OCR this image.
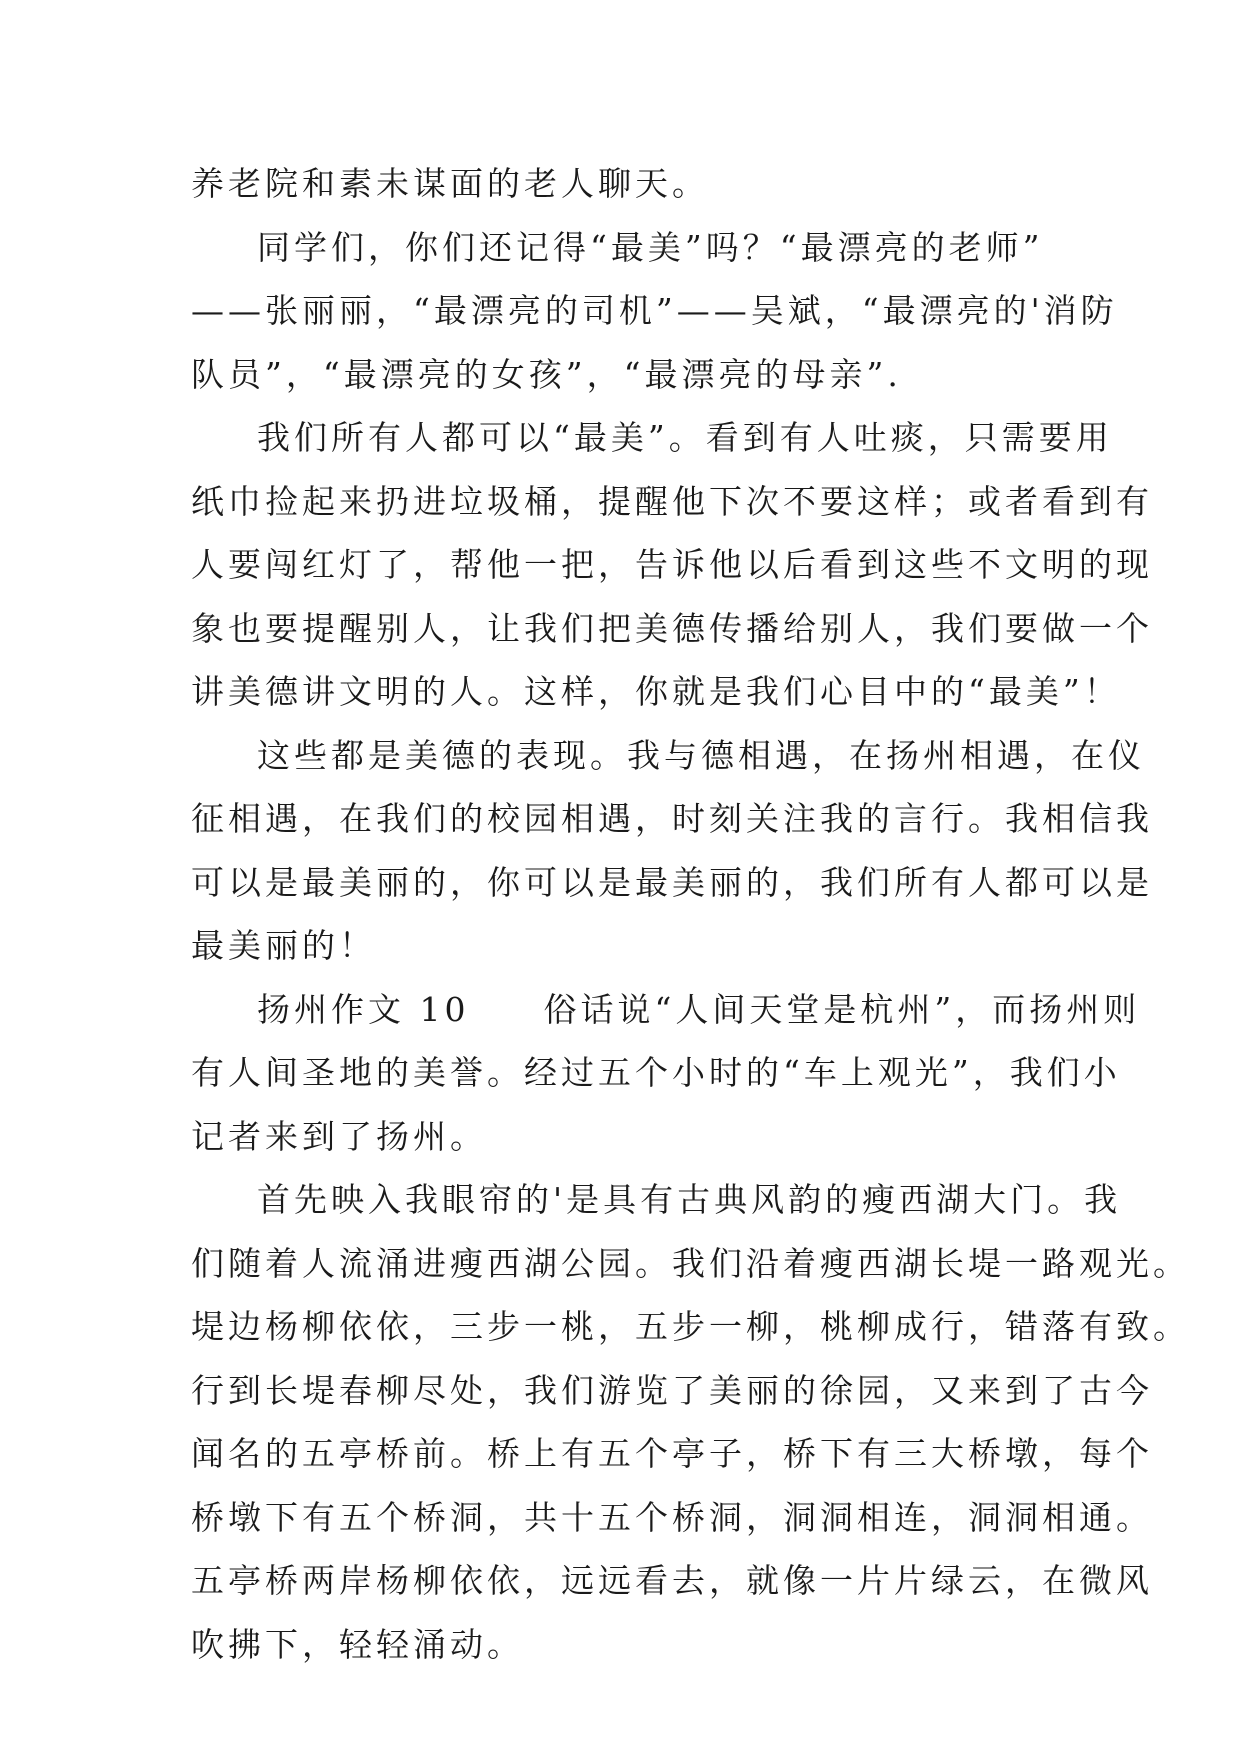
养老院和素未谋面的老人聊天。
同学们，你们还记得“最美”吗？“最漂亮的老师”
——张丽丽，“最漂亮的司机”——吴斌，“最漂亮的'消防
队员”，“最漂亮的女孩”，“最漂亮的母亲”.
我们所有人都可以“最美”。看到有人吐痰，只需要用
纸巾捡起来扔进垃圾桶，提醒他下次不要这样；或者看到有
人要闯红灯了，帮他一把，告诉他以后看到这些不文明的现
象也要提醒别人，让我们把美德传播给别人，我们要做一个
讲美德讲文明的人。这样，你就是我们心目中的“最美”！
这些都是美德的表现。我与德相遇，在扬州相遇，在仪
征相遇，在我们的校园相遇，时刻关注我的言行。我相信我
可以是最美丽的，你可以是最美丽的，我们所有人都可以是
最美丽的！
扬州作文 10　　俗话说“人间天堂是杭州”，而扬州则
有人间圣地的美誉。经过五个小时的“车上观光”，我们小
记者来到了扬州。
首先映入我眼帘的'是具有古典风韵的瘦西湖大门。我
们随着人流涌进瘦西湖公园。我们沿着瘦西湖长堤一路观光。
堤边杨柳依依，三步一桃，五步一柳，桃柳成行，错落有致。
行到长堤春柳尽处，我们游览了美丽的徐园，又来到了古今
闻名的五亭桥前。桥上有五个亭子，桥下有三大桥墩，每个
桥墩下有五个桥洞，共十五个桥洞，洞洞相连，洞洞相通。
五亭桥两岸杨柳依依，远远看去，就像一片片绿云，在微风
吹拂下，轻轻涌动。
